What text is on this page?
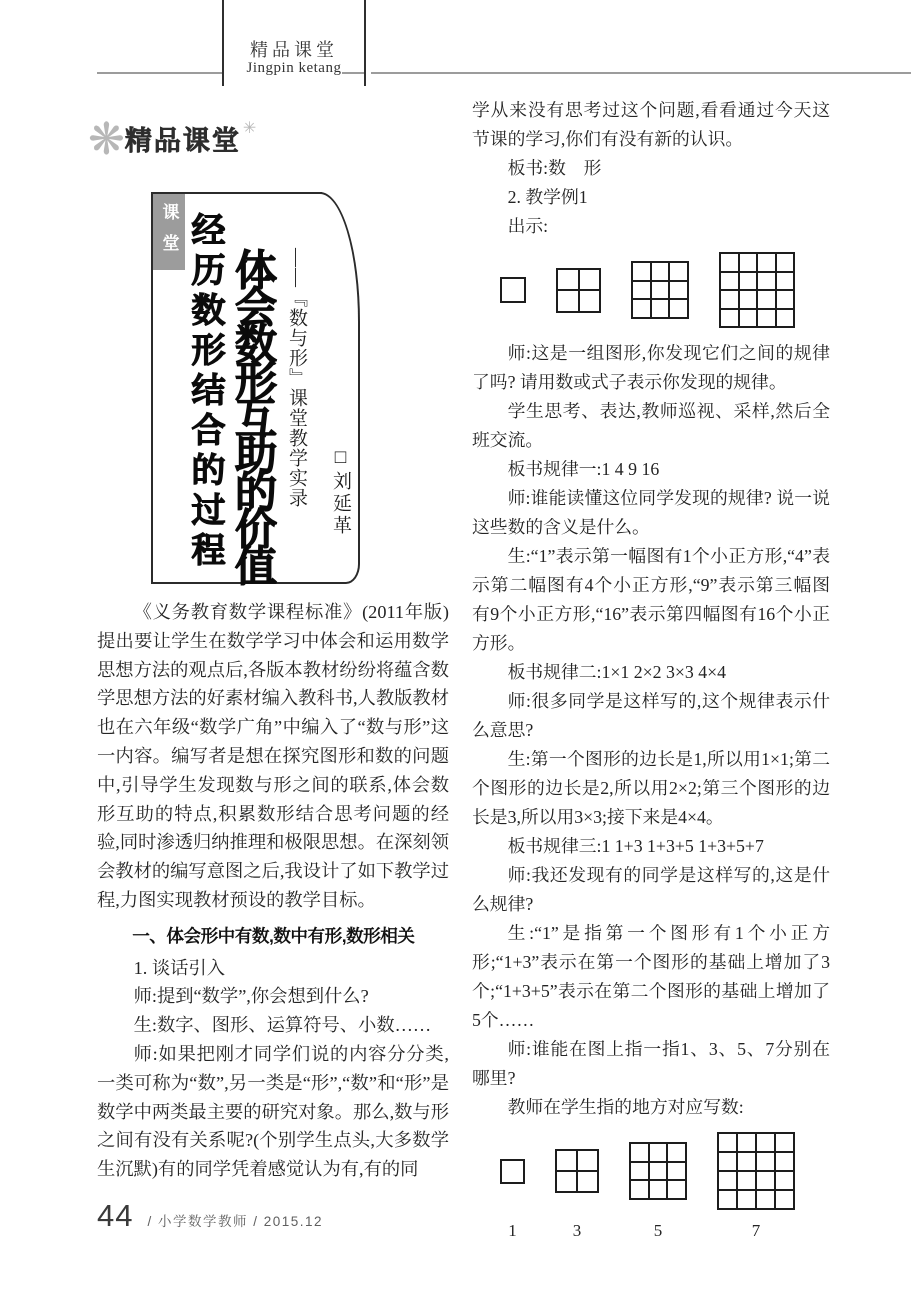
精品课堂
Jingpin ketang
❋ 精品课堂 ✳
课堂 经历数形结合的过程 体会数形互助的价值 ——『数与形』课堂教学实录 □刘延革

《义务教育数学课程标准》(2011年版)提出要让学生在数学学习中体会和运用数学思想方法的观点后,各版本教材纷纷将蕴含数学思想方法的好素材编入教科书,人教版教材也在六年级“数学广角”中编入了“数与形”这一内容。编写者是想在探究图形和数的问题中,引导学生发现数与形之间的联系,体会数形互助的特点,积累数形结合思考问题的经验,同时渗透归纳推理和极限思想。在深刻领会教材的编写意图之后,我设计了如下教学过程,力图实现教材预设的教学目标。

一、体会形中有数,数中有形,数形相关

1. 谈话引入

师:提到“数学”,你会想到什么?

生:数字、图形、运算符号、小数……

师:如果把刚才同学们说的内容分分类,一类可称为“数”,另一类是“形”,“数”和“形”是数学中两类最主要的研究对象。那么,数与形之间有没有关系呢?(个别学生点头,大多数学生沉默)有的同学凭着感觉认为有,有的同

学从来没有思考过这个问题,看看通过今天这节课的学习,你们有没有新的认识。

板书:数　形

2. 教学例1

出示:

师:这是一组图形,你发现它们之间的规律了吗? 请用数或式子表示你发现的规律。

学生思考、表达,教师巡视、采样,然后全班交流。

板书规律一:1 4 9 16

师:谁能读懂这位同学发现的规律? 说一说这些数的含义是什么。

生:“1”表示第一幅图有1个小正方形,“4”表示第二幅图有4个小正方形,“9”表示第三幅图有9个小正方形,“16”表示第四幅图有16个小正方形。

板书规律二:1×1 2×2 3×3 4×4

师:很多同学是这样写的,这个规律表示什么意思?

生:第一个图形的边长是1,所以用1×1;第二个图形的边长是2,所以用2×2;第三个图形的边长是3,所以用3×3;接下来是4×4。

板书规律三:1 1+3 1+3+5 1+3+5+7

师:我还发现有的同学是这样写的,这是什么规律?

生:“1”是指第一个图形有1个小正方形;“1+3”表示在第一个图形的基础上增加了3个;“1+3+5”表示在第二个图形的基础上增加了5个……

师:谁能在图上指一指1、3、5、7分别在哪里?

教师在学生指的地方对应写数:

1	3	5	7
44 / 小学数学教师 / 2015.12
